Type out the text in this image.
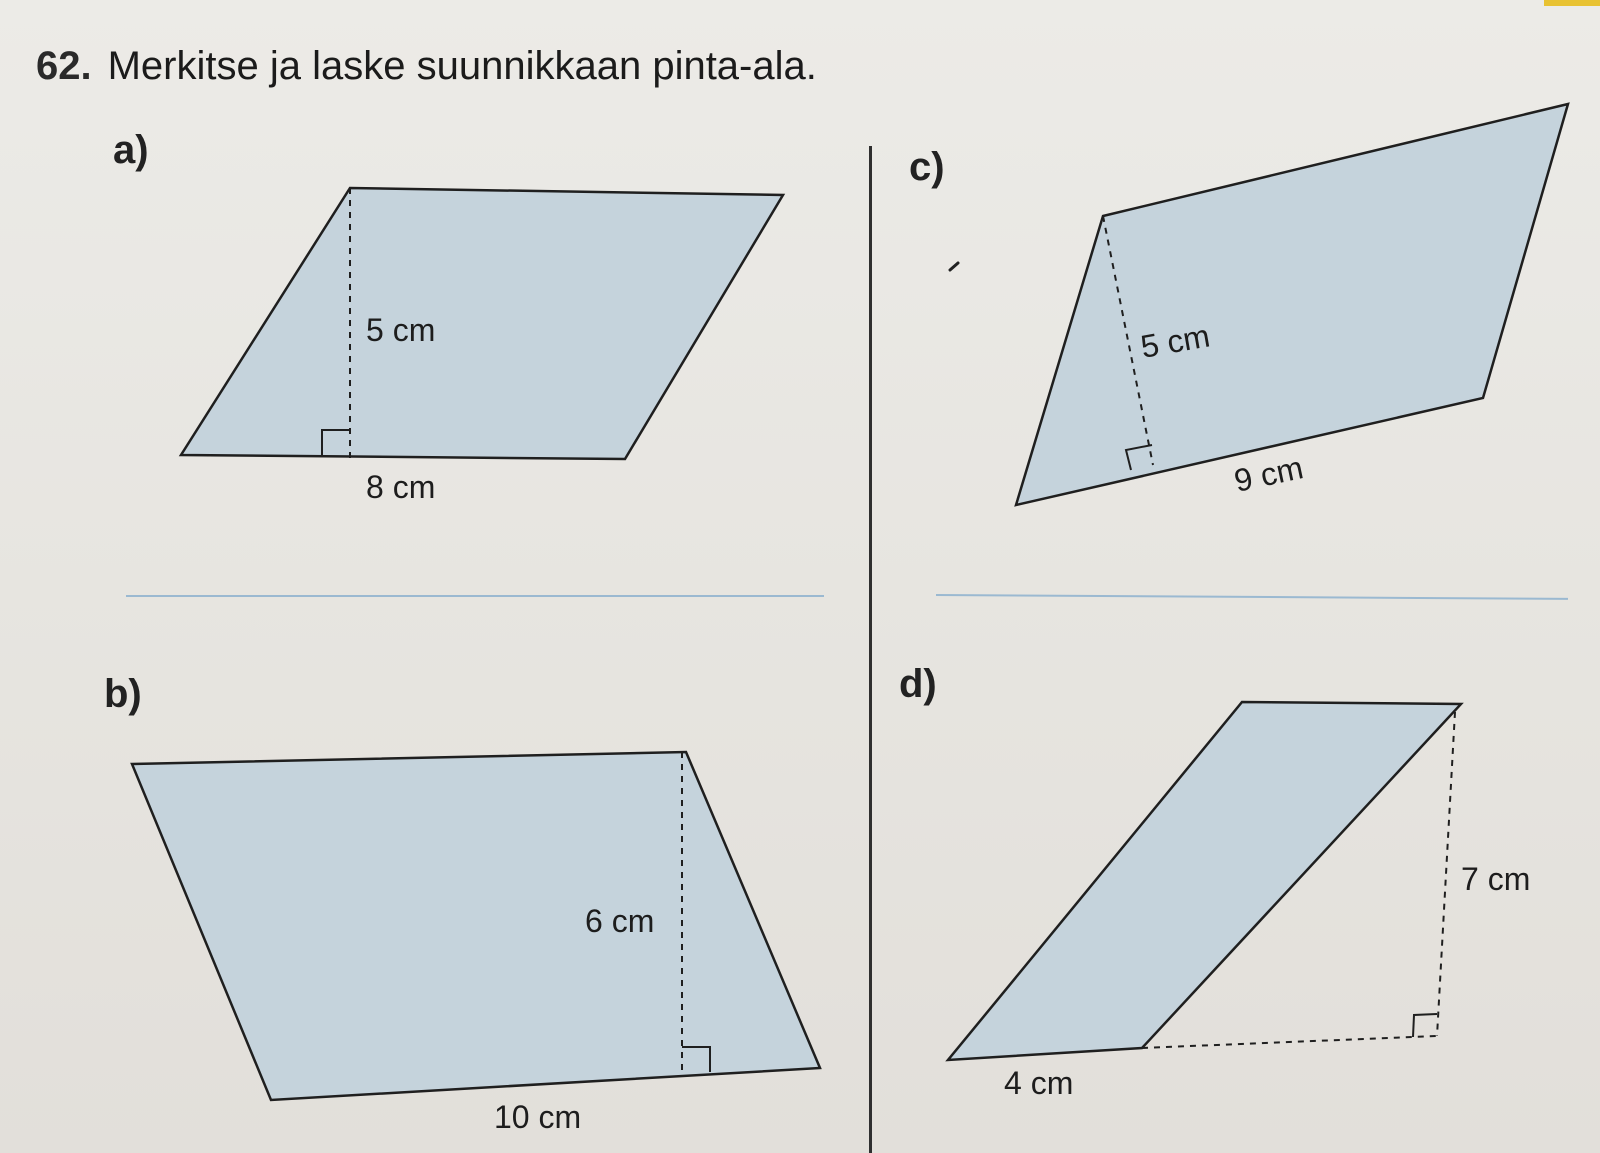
62. Merkitse ja laske suunnikkaan pinta-ala.
a)
b)
c)
d)
5 cm
8 cm
6 cm
10 cm
5 cm
9 cm
7 cm
4 cm
